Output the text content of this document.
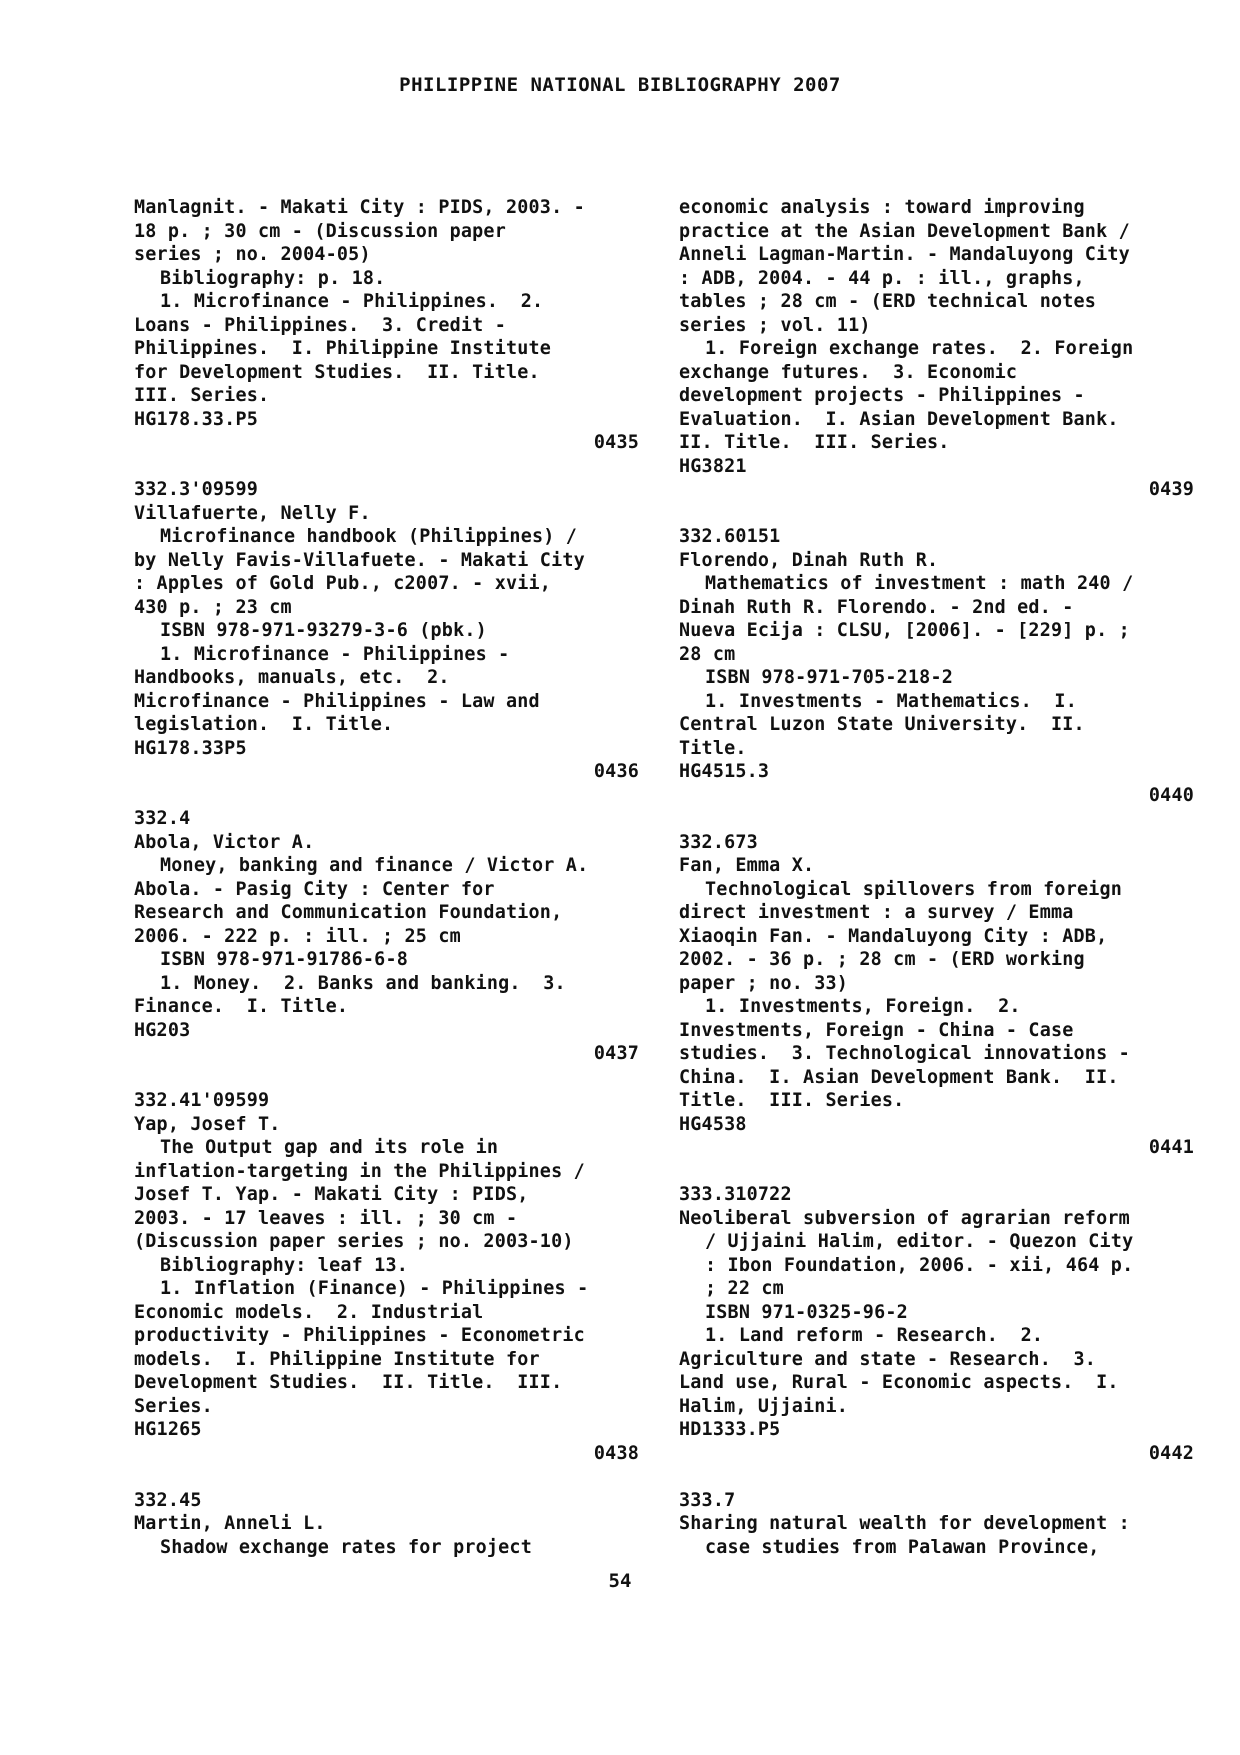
PHILIPPINE NATIONAL BIBLIOGRAPHY 2007
Manlagnit. - Makati City : PIDS, 2003. -
18 p. ; 30 cm - (Discussion paper
series ; no. 2004-05)
Bibliography: p. 18.
1. Microfinance - Philippines.  2.
Loans - Philippines.  3. Credit -
Philippines.  I. Philippine Institute
for Development Studies.  II. Title.
III. Series.
HG178.33.P5
0435
332.3'09599
Villafuerte, Nelly F.
Microfinance handbook (Philippines) /
by Nelly Favis-Villafuete. - Makati City
: Apples of Gold Pub., c2007. - xvii,
430 p. ; 23 cm
ISBN 978-971-93279-3-6 (pbk.)
1. Microfinance - Philippines -
Handbooks, manuals, etc.  2.
Microfinance - Philippines - Law and
legislation.  I. Title.
HG178.33P5
0436
332.4
Abola, Victor A.
Money, banking and finance / Victor A.
Abola. - Pasig City : Center for
Research and Communication Foundation,
2006. - 222 p. : ill. ; 25 cm
ISBN 978-971-91786-6-8
1. Money.  2. Banks and banking.  3.
Finance.  I. Title.
HG203
0437
332.41'09599
Yap, Josef T.
The Output gap and its role in
inflation-targeting in the Philippines /
Josef T. Yap. - Makati City : PIDS,
2003. - 17 leaves : ill. ; 30 cm -
(Discussion paper series ; no. 2003-10)
Bibliography: leaf 13.
1. Inflation (Finance) - Philippines -
Economic models.  2. Industrial
productivity - Philippines - Econometric
models.  I. Philippine Institute for
Development Studies.  II. Title.  III.
Series.
HG1265
0438
332.45
Martin, Anneli L.
Shadow exchange rates for project
economic analysis : toward improving
practice at the Asian Development Bank /
Anneli Lagman-Martin. - Mandaluyong City
: ADB, 2004. - 44 p. : ill., graphs,
tables ; 28 cm - (ERD technical notes
series ; vol. 11)
1. Foreign exchange rates.  2. Foreign
exchange futures.  3. Economic
development projects - Philippines -
Evaluation.  I. Asian Development Bank.
II. Title.  III. Series.
HG3821
0439
332.60151
Florendo, Dinah Ruth R.
Mathematics of investment : math 240 /
Dinah Ruth R. Florendo. - 2nd ed. -
Nueva Ecija : CLSU, [2006]. - [229] p. ;
28 cm
ISBN 978-971-705-218-2
1. Investments - Mathematics.  I.
Central Luzon State University.  II.
Title.
HG4515.3
0440
332.673
Fan, Emma X.
Technological spillovers from foreign
direct investment : a survey / Emma
Xiaoqin Fan. - Mandaluyong City : ADB,
2002. - 36 p. ; 28 cm - (ERD working
paper ; no. 33)
1. Investments, Foreign.  2.
Investments, Foreign - China - Case
studies.  3. Technological innovations -
China.  I. Asian Development Bank.  II.
Title.  III. Series.
HG4538
0441
333.310722
Neoliberal subversion of agrarian reform
/ Ujjaini Halim, editor. - Quezon City
: Ibon Foundation, 2006. - xii, 464 p.
; 22 cm
ISBN 971-0325-96-2
1. Land reform - Research.  2.
Agriculture and state - Research.  3.
Land use, Rural - Economic aspects.  I.
Halim, Ujjaini.
HD1333.P5
0442
333.7
Sharing natural wealth for development :
case studies from Palawan Province,
54
